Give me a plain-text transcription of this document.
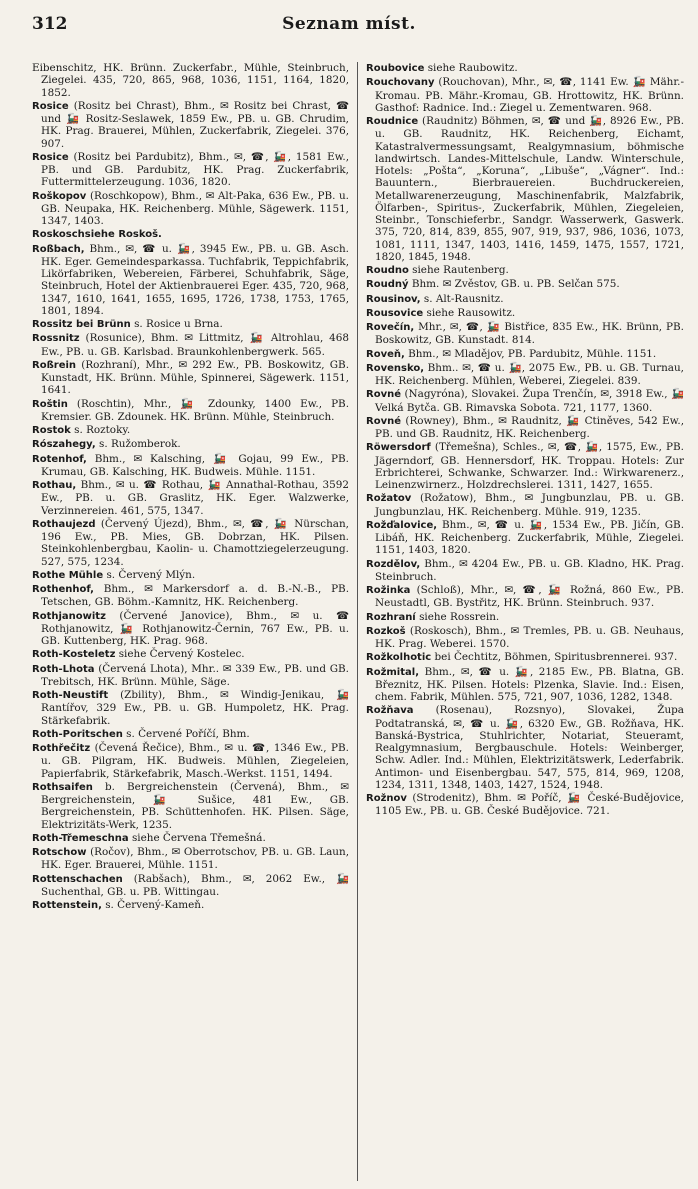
312	Seznam míst.

Eibenschitz, HK. Brünn. Zuckerfabr., Mühle, Steinbruch, Ziegelei. 435, 720, 865, 968, 1036, 1151, 1164, 1820, 1852.

Rosice (Rositz bei Chrast), Bhm., ✉ Rositz bei Chrast, ☎ und 🚂 Rositz-Seslawek, 1859 Ew., PB. u. GB. Chrudim, HK. Prag. Brauerei, Mühlen, Zuckerfabrik, Ziegelei. 376, 907.

Rosice (Rositz bei Pardubitz), Bhm., ✉, ☎, 🚂, 1581 Ew., PB. und GB. Pardubitz, HK. Prag. Zuckerfabrik, Futtermittelerzeugung. 1036, 1820.

Roškopov (Roschkopow), Bhm., ✉ Alt-Paka, 636 Ew., PB. u. GB. Neupaka, HK. Reichenberg. Mühle, Sägewerk. 1151, 1347, 1403.

Roskoschsiehe Roskoš.

Roßbach, Bhm., ✉, ☎ u. 🚂, 3945 Ew., PB. u. GB. Asch. HK. Eger. Gemeindesparkassa. Tuchfabrik, Teppichfabrik, Likörfabriken, Webereien, Färberei, Schuhfabrik, Säge, Steinbruch, Hotel der Aktienbrauerei Eger. 435, 720, 968, 1347, 1610, 1641, 1655, 1695, 1726, 1738, 1753, 1765, 1801, 1894.

Rossitz bei Brünn s. Rosice u Brna.

Rossnitz (Rosunice), Bhm. ✉ Littmitz, 🚂 Altrohlau, 468 Ew., PB. u. GB. Karlsbad. Braunkohlenbergwerk. 565.

Roßrein (Rozhraní), Mhr., ✉ 292 Ew., PB. Boskowitz, GB. Kunstadt, HK. Brünn. Mühle, Spinnerei, Sägewerk. 1151, 1641.

Roštin (Roschtin), Mhr., 🚂 Zdounky, 1400 Ew., PB. Kremsier. GB. Zdounek. HK. Brünn. Mühle, Steinbruch.

Rostok s. Roztoky.

Rószahegy, s. Ružomberok.

Rotenhof, Bhm., ✉ Kalsching, 🚂 Gojau, 99 Ew., PB. Krumau, GB. Kalsching, HK. Budweis. Mühle. 1151.

Rothau, Bhm., ✉ u. ☎ Rothau, 🚂 Annathal-Rothau, 3592 Ew., PB. u. GB. Graslitz, HK. Eger. Walzwerke, Verzinnereien. 461, 575, 1347.

Rothaujezd (Červený Újezd), Bhm., ✉, ☎, 🚂 Nürschan, 196 Ew., PB. Mies, GB. Dobrzan, HK. Pilsen. Steinkohlenbergbau, Kaolin- u. Chamottziegelerzeugung. 527, 575, 1234.

Rothe Mühle s. Červený Mlýn.

Rothenhof, Bhm., ✉ Markersdorf a. d. B.-N.-B., PB. Tetschen, GB. Böhm.-Kamnitz, HK. Reichenberg.

Rothjanowitz (Červené Janovice), Bhm., ✉ u. ☎ Rothjanowitz, 🚂 Rothjanowitz-Černin, 767 Ew., PB. u. GB. Kuttenberg, HK. Prag. 968.

Roth-Kosteletz siehe Červený Kostelec.

Roth-Lhota (Červená Lhota), Mhr.. ✉ 339 Ew., PB. und GB. Trebitsch, HK. Brünn. Mühle, Säge.

Roth-Neustift (Zbility), Bhm., ✉ Windig-Jenikau, 🚂 Rantířov, 329 Ew., PB. u. GB. Humpoletz, HK. Prag. Stärkefabrik.

Roth-Poritschen s. Červené Poříčí, Bhm.

Rothřečitz (Čevená Řečice), Bhm., ✉ u. ☎, 1346 Ew., PB. u. GB. Pilgram, HK. Budweis. Mühlen, Ziegeleien, Papierfabrik, Stärkefabrik, Masch.-Werkst. 1151, 1494.

Rothsaifen b. Bergreichenstein (Červená), Bhm., ✉ Bergreichenstein, 🚂 Sušice, 481 Ew., GB. Bergreichenstein, PB. Schüttenhofen. HK. Pilsen. Säge, Elektrizitäts-Werk, 1235.

Roth-Třemeschna siehe Červena Třemešná.

Rotschow (Ročov), Bhm., ✉ Oberrotschov, PB. u. GB. Laun, HK. Eger. Brauerei, Mühle. 1151.

Rottenschachen (Rabšach), Bhm., ✉, 2062 Ew., 🚂 Suchenthal, GB. u. PB. Wittingau.

Rottenstein, s. Červený-Kameň.

Roubovice siehe Raubowitz.

Rouchovany (Rouchovan), Mhr., ✉, ☎, 1141 Ew. 🚂 Mähr.-Kromau. PB. Mähr.-Kromau, GB. Hrottowitz, HK. Brünn. Gasthof: Radnice. Ind.: Ziegel u. Zementwaren. 968.

Roudnice (Raudnitz) Böhmen, ✉, ☎ und 🚂, 8926 Ew., PB. u. GB. Raudnitz, HK. Reichenberg, Eichamt, Katastralvermessungsamt, Realgymnasium, böhmische landwirtsch. Landes-Mittelschule, Landw. Winterschule, Hotels: „Pošta“, „Koruna“, „Libuše“, „Vágner“. Ind.: Bauuntern., Bierbrauereien. Buchdruckereien, Metallwarenerzeugung, Maschinenfabrik, Malzfabrik, Ölfarben-, Spiritus-, Zuckerfabrik, Mühlen, Ziegeleien, Steinbr., Tonschieferbr., Sandgr. Wasserwerk, Gaswerk. 375, 720, 814, 839, 855, 907, 919, 937, 986, 1036, 1073, 1081, 1111, 1347, 1403, 1416, 1459, 1475, 1557, 1721, 1820, 1845, 1948.

Roudno siehe Rautenberg.

Roudný Bhm. ✉ Zvěstov, GB. u. PB. Selčan 575.

Rousinov, s. Alt-Rausnitz.

Rousovice siehe Rausowitz.

Rovečín, Mhr., ✉, ☎, 🚂 Bistřice, 835 Ew., HK. Brünn, PB. Boskowitz, GB. Kunstadt. 814.

Roveň, Bhm., ✉ Mladějov, PB. Pardubitz, Mühle. 1151.

Rovensko, Bhm.. ✉, ☎ u. 🚂, 2075 Ew., PB. u. GB. Turnau, HK. Reichenberg. Mühlen, Weberei, Ziegelei. 839.

Rovné (Nagyróna), Slovakei. Župa Trenčín, ✉, 3918 Ew., 🚂 Velká Bytča. GB. Rimavska Sobota. 721, 1177, 1360.

Rovné (Rowney), Bhm., ✉ Raudnitz, 🚂 Ctiněves, 542 Ew., PB. und GB. Raudnitz, HK. Reichenberg.

Röwersdorf (Třemešna), Schles., ✉, ☎, 🚂, 1575, Ew., PB. Jägerndorf, GB. Hennersdorf, HK. Troppau. Hotels: Zur Erbrichterei, Schwanke, Schwarzer. Ind.: Wirkwarenerz., Leinenzwirnerz., Holzdrechslerei. 1311, 1427, 1655.

Rožatov (Rožatow), Bhm., ✉ Jungbunzlau, PB. u. GB. Jungbunzlau, HK. Reichenberg. Mühle. 919, 1235.

Rožďalovice, Bhm., ✉, ☎ u. 🚂, 1534 Ew., PB. Jičín, GB. Libáň, HK. Reichenberg. Zuckerfabrik, Mühle, Ziegelei. 1151, 1403, 1820.

Rozdělov, Bhm., ✉ 4204 Ew., PB. u. GB. Kladno, HK. Prag. Steinbruch.

Rožinka (Schloß), Mhr., ✉, ☎, 🚂 Rožná, 860 Ew., PB. Neustadtl, GB. Bystřitz, HK. Brünn. Steinbruch. 937.

Rozhraní siehe Rossrein.

Rozkoš (Roskosch), Bhm., ✉ Tremles, PB. u. GB. Neuhaus, HK. Prag. Weberei. 1570.

Rožkolhotic bei Čechtitz, Böhmen, Spiritusbrennerei. 937.

Rožmital, Bhm., ✉, ☎ u. 🚂, 2185 Ew., PB. Blatna, GB. Březnitz, HK. Pilsen. Hotels: Plzenka, Slavie. Ind.: Eisen, chem. Fabrik, Mühlen. 575, 721, 907, 1036, 1282, 1348.

Rožňava (Rosenau), Rozsnyo), Slovakei, Župa Podtatranská, ✉, ☎ u. 🚂, 6320 Ew., GB. Rožňava, HK. Banská-Bystrica, Stuhlrichter, Notariat, Steueramt, Realgymnasium, Bergbauschule. Hotels: Weinberger, Schw. Adler. Ind.: Mühlen, Elektrizitätswerk, Lederfabrik. Antimon- und Eisenbergbau. 547, 575, 814, 969, 1208, 1234, 1311, 1348, 1403, 1427, 1524, 1948.

Rožnov (Strodenitz), Bhm. ✉ Poříč, 🚂 České-Budějovice, 1105 Ew., PB. u. GB. České Budějovice. 721.
